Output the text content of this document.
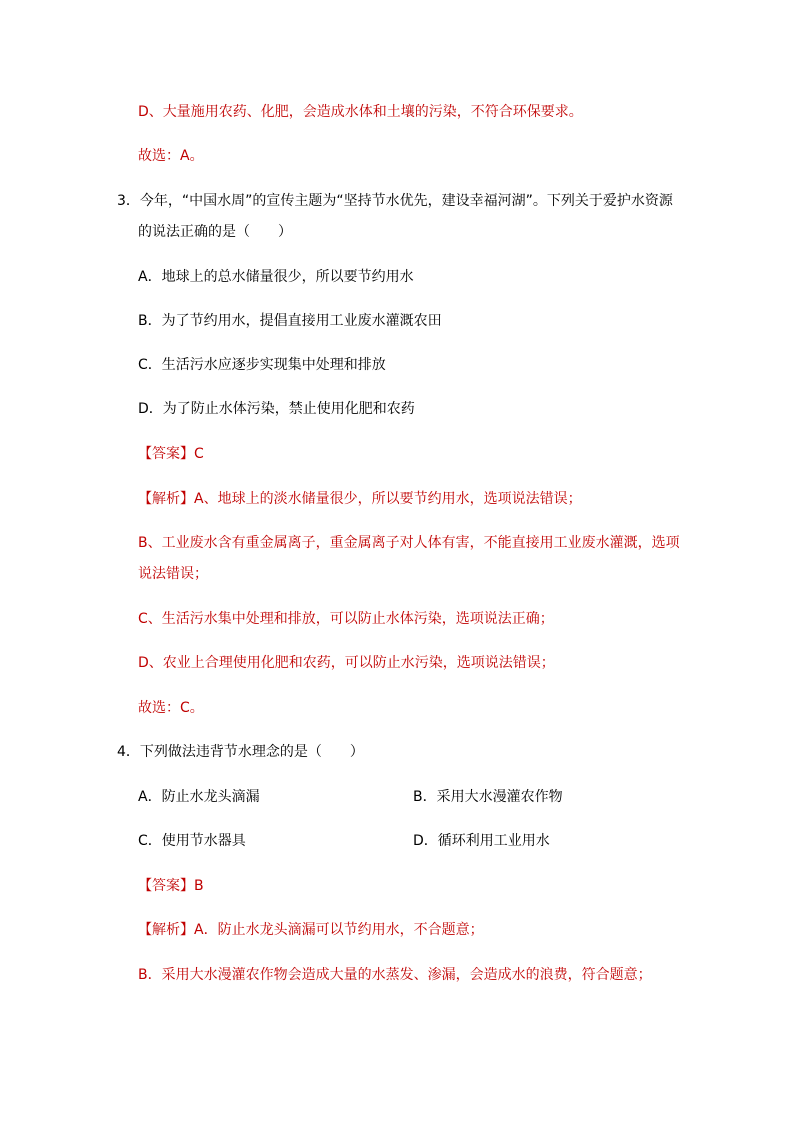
D、大量施用农药、化肥，会造成水体和土壤的污染，不符合环保要求。
故选：A。
3．今年，“中国水周”的宣传主题为“坚持节水优先，建设幸福河湖”。下列关于爱护水资源
的说法正确的是（　　）
A．地球上的总水储量很少，所以要节约用水
B．为了节约用水，提倡直接用工业废水灌溉农田
C．生活污水应逐步实现集中处理和排放
D．为了防止水体污染，禁止使用化肥和农药
【答案】C
【解析】A、地球上的淡水储量很少，所以要节约用水，选项说法错误；
B、工业废水含有重金属离子，重金属离子对人体有害，不能直接用工业废水灌溉，选项
说法错误；
C、生活污水集中处理和排放，可以防止水体污染，选项说法正确；
D、农业上合理使用化肥和农药，可以防止水污染，选项说法错误；
故选：C。
4．下列做法违背节水理念的是（　　）
A．防止水龙头滴漏	B．采用大水漫灌农作物
C．使用节水器具	D．循环利用工业用水
【答案】B
【解析】A．防止水龙头滴漏可以节约用水，不合题意；
B．采用大水漫灌农作物会造成大量的水蒸发、渗漏，会造成水的浪费，符合题意；
